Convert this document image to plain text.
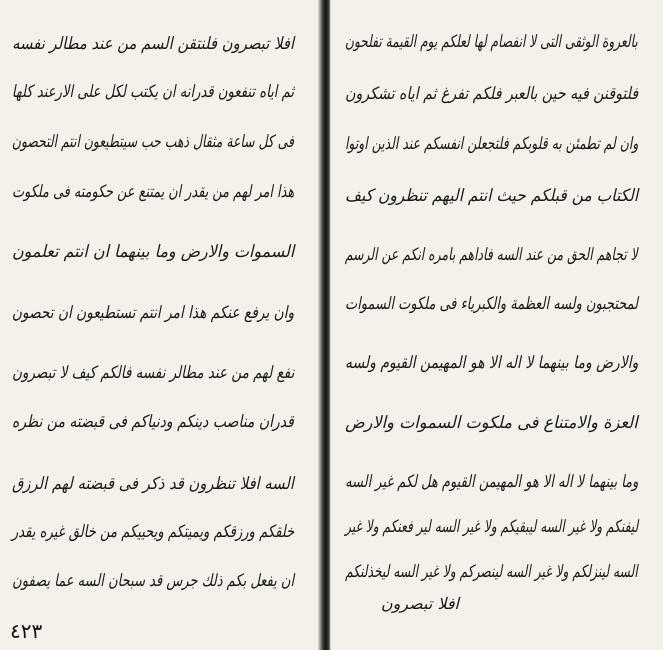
افلا تبصرون فلنتقن السم من عند مطالر نفسه
ثم اياه تنفعون قدرانه ان يكتب لكل على الارعند كلها
فى كل ساعة مثقال ذهب حب سيتطيعون انتم التحصون
هذا امر لهم من يقدر ان يمتنع عن حكومته فى ملكوت
السموات والارض وما بينهما ان انتم تعلمون
وان يرفع عنكم هذا امر انتم تستطيعون ان تحصون
نفع لهم من عند مطالر نفسه فالكم كيف لا تبصرون
قدران مناصب دينكم ودنياكم فى قبضته من نظره
السه افلا تنظرون قد ذكر فى قبضته لهم الرزق
خلقكم ورزقكم ويميتكم ويحييكم من خالق غيره يقدر
ان يفعل بكم ذلك جرس قد سبحان السه عما يصفون
بالعروة الوثقى التى لا انفصام لها لعلكم يوم القيمة تفلحون
فلتوقنن فيه حين بالعبر فلكم تفرغ ثم اياه تشكرون
وان لم تطمئن به قلوبكم فلتجعلن انفسكم عند الذين اوتوا
الكتاب من قبلكم حيث انتم اليهم تنظرون كيف
لا تجاهم الحق من عند السه فاداهم بامره انكم عن الرسم
لمحتجبون ولسه العظمة والكبرياء فى ملكوت السموات
والارض وما بينهما لا اله الا هو المهيمن القيوم ولسه
العزة والامتناع فى ملكوت السموات والارض
وما بينهما لا اله الا هو المهيمن القيوم هل لكم غير السه
ليفنكم ولا غير السه ليبقيكم ولا غير السه لير فعنكم ولا غير
السه لينزلكم ولا غير السه لينصركم ولا غير السه ليخذلنكم
افلا تبصرون
٤٢٣
